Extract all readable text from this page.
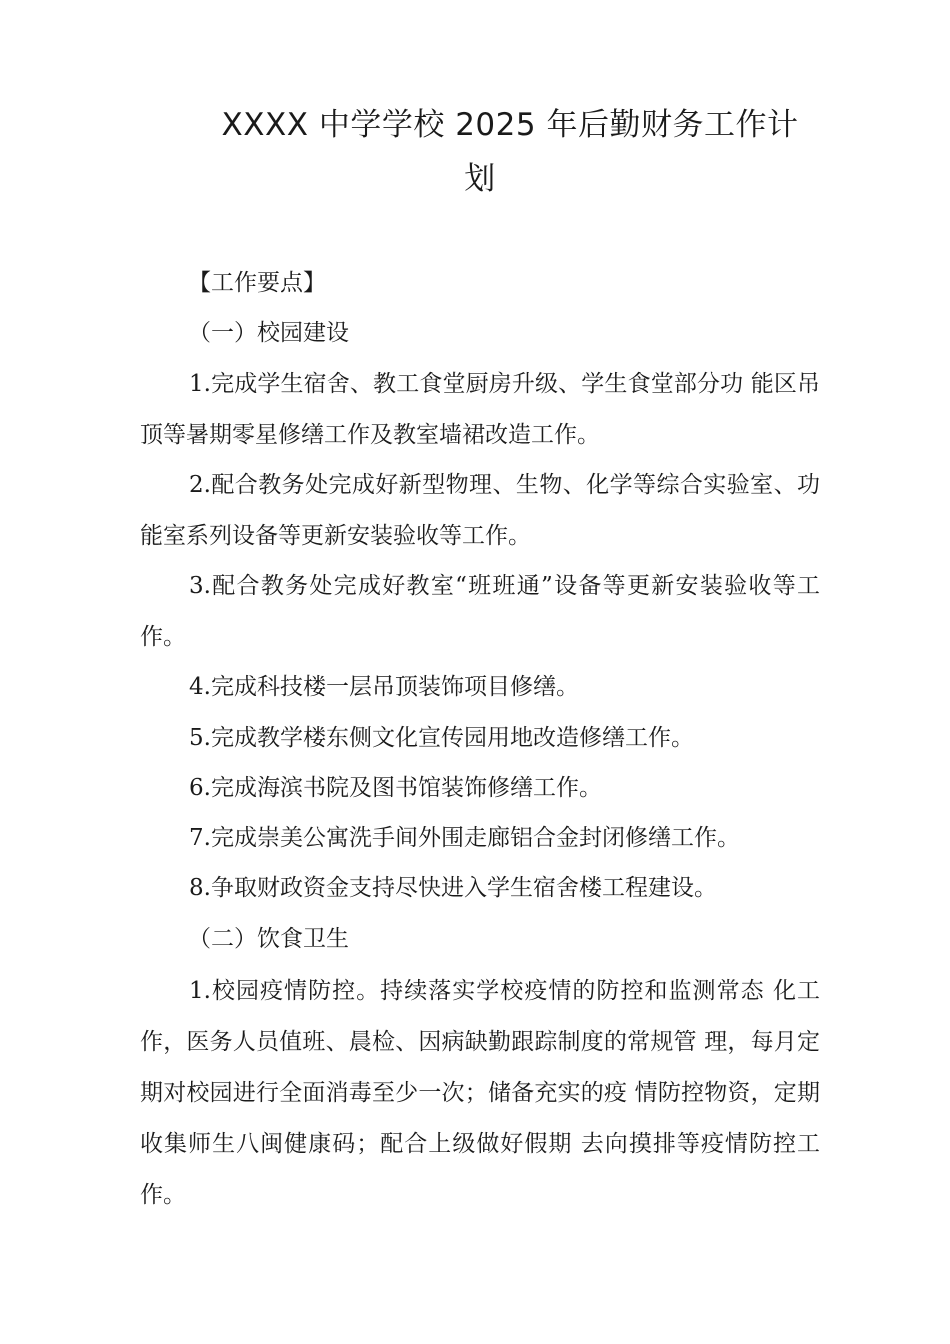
XXXX 中学学校 2025 年后勤财务工作计
划

【工作要点】

（一）校园建设

1.完成学生宿舍、教工食堂厨房升级、学生食堂部分功 能区吊顶等暑期零星修缮工作及教室墙裙改造工作。

2.配合教务处完成好新型物理、生物、化学等综合实验室、功能室系列设备等更新安装验收等工作。

3.配合教务处完成好教室“班班通”设备等更新安装验收等工作。

4.完成科技楼一层吊顶装饰项目修缮。

5.完成教学楼东侧文化宣传园用地改造修缮工作。

6.完成海滨书院及图书馆装饰修缮工作。

7.完成崇美公寓洗手间外围走廊铝合金封闭修缮工作。

8.争取财政资金支持尽快进入学生宿舍楼工程建设。

（二）饮食卫生

1.校园疫情防控。持续落实学校疫情的防控和监测常态 化工作，医务人员值班、晨检、因病缺勤跟踪制度的常规管 理，每月定期对校园进行全面消毒至少一次；储备充实的疫 情防控物资，定期收集师生八闽健康码；配合上级做好假期 去向摸排等疫情防控工作。
